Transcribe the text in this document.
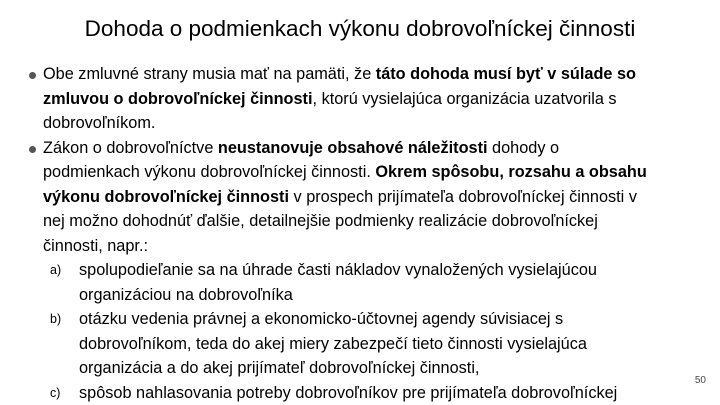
Dohoda o podmienkach výkonu dobrovoľníckej činnosti
Obe zmluvné strany musia mať na pamäti, že táto dohoda musí byť v súlade so
zmluvou o dobrovoľníckej činnosti, ktorú vysielajúca organizácia uzatvorila s
dobrovoľníkom.
Zákon o dobrovoľníctve neustanovuje obsahové náležitosti dohody o
podmienkach výkonu dobrovoľníckej činnosti. Okrem spôsobu, rozsahu a obsahu
výkonu dobrovoľníckej činnosti v prospech prijímateľa dobrovoľníckej činnosti v
nej možno dohodnúť ďalšie, detailnejšie podmienky realizácie dobrovoľníckej
činnosti, napr.:
a) spolupodieľanie sa na úhrade časti nákladov vynaložených vysielajúcou
organizáciou na dobrovoľníka
b) otázku vedenia právnej a ekonomicko-účtovnej agendy súvisiacej s
dobrovoľníkom, teda do akej miery zabezpečí tieto činnosti vysielajúca
organizácia a do akej prijímateľ dobrovoľníckej činnosti,
c) spôsob nahlasovania potreby dobrovoľníkov pre prijímateľa dobrovoľníckej
50
